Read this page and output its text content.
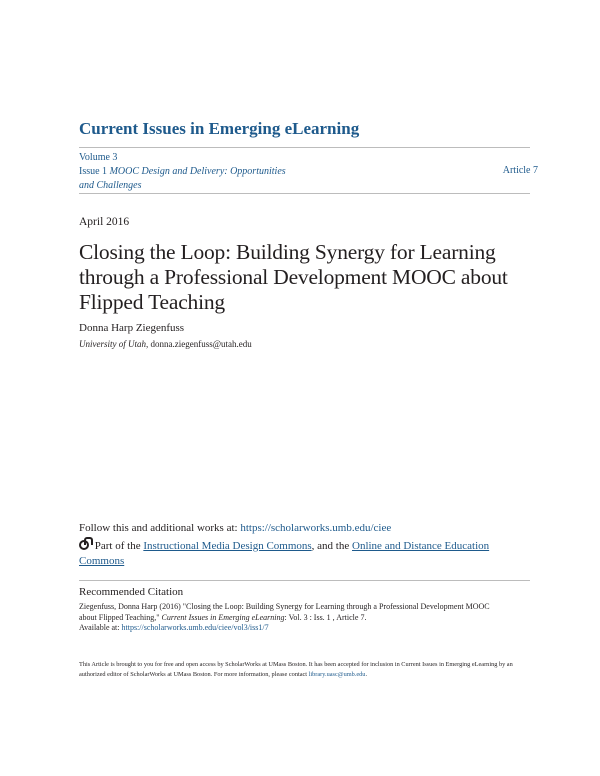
Current Issues in Emerging eLearning
Volume 3
Issue 1 MOOC Design and Delivery: Opportunities
and Challenges
Article 7
April 2016
Closing the Loop: Building Synergy for Learning through a Professional Development MOOC about Flipped Teaching
Donna Harp Ziegenfuss
University of Utah, donna.ziegenfuss@utah.edu
Follow this and additional works at: https://scholarworks.umb.edu/ciee
Part of the Instructional Media Design Commons, and the Online and Distance Education Commons
Recommended Citation
Ziegenfuss, Donna Harp (2016) "Closing the Loop: Building Synergy for Learning through a Professional Development MOOC
about Flipped Teaching," Current Issues in Emerging eLearning: Vol. 3 : Iss. 1 , Article 7.
Available at: https://scholarworks.umb.edu/ciee/vol3/iss1/7
This Article is brought to you for free and open access by ScholarWorks at UMass Boston. It has been accepted for inclusion in Current Issues in Emerging eLearning by an authorized editor of ScholarWorks at UMass Boston. For more information, please contact library.uasc@umb.edu.
